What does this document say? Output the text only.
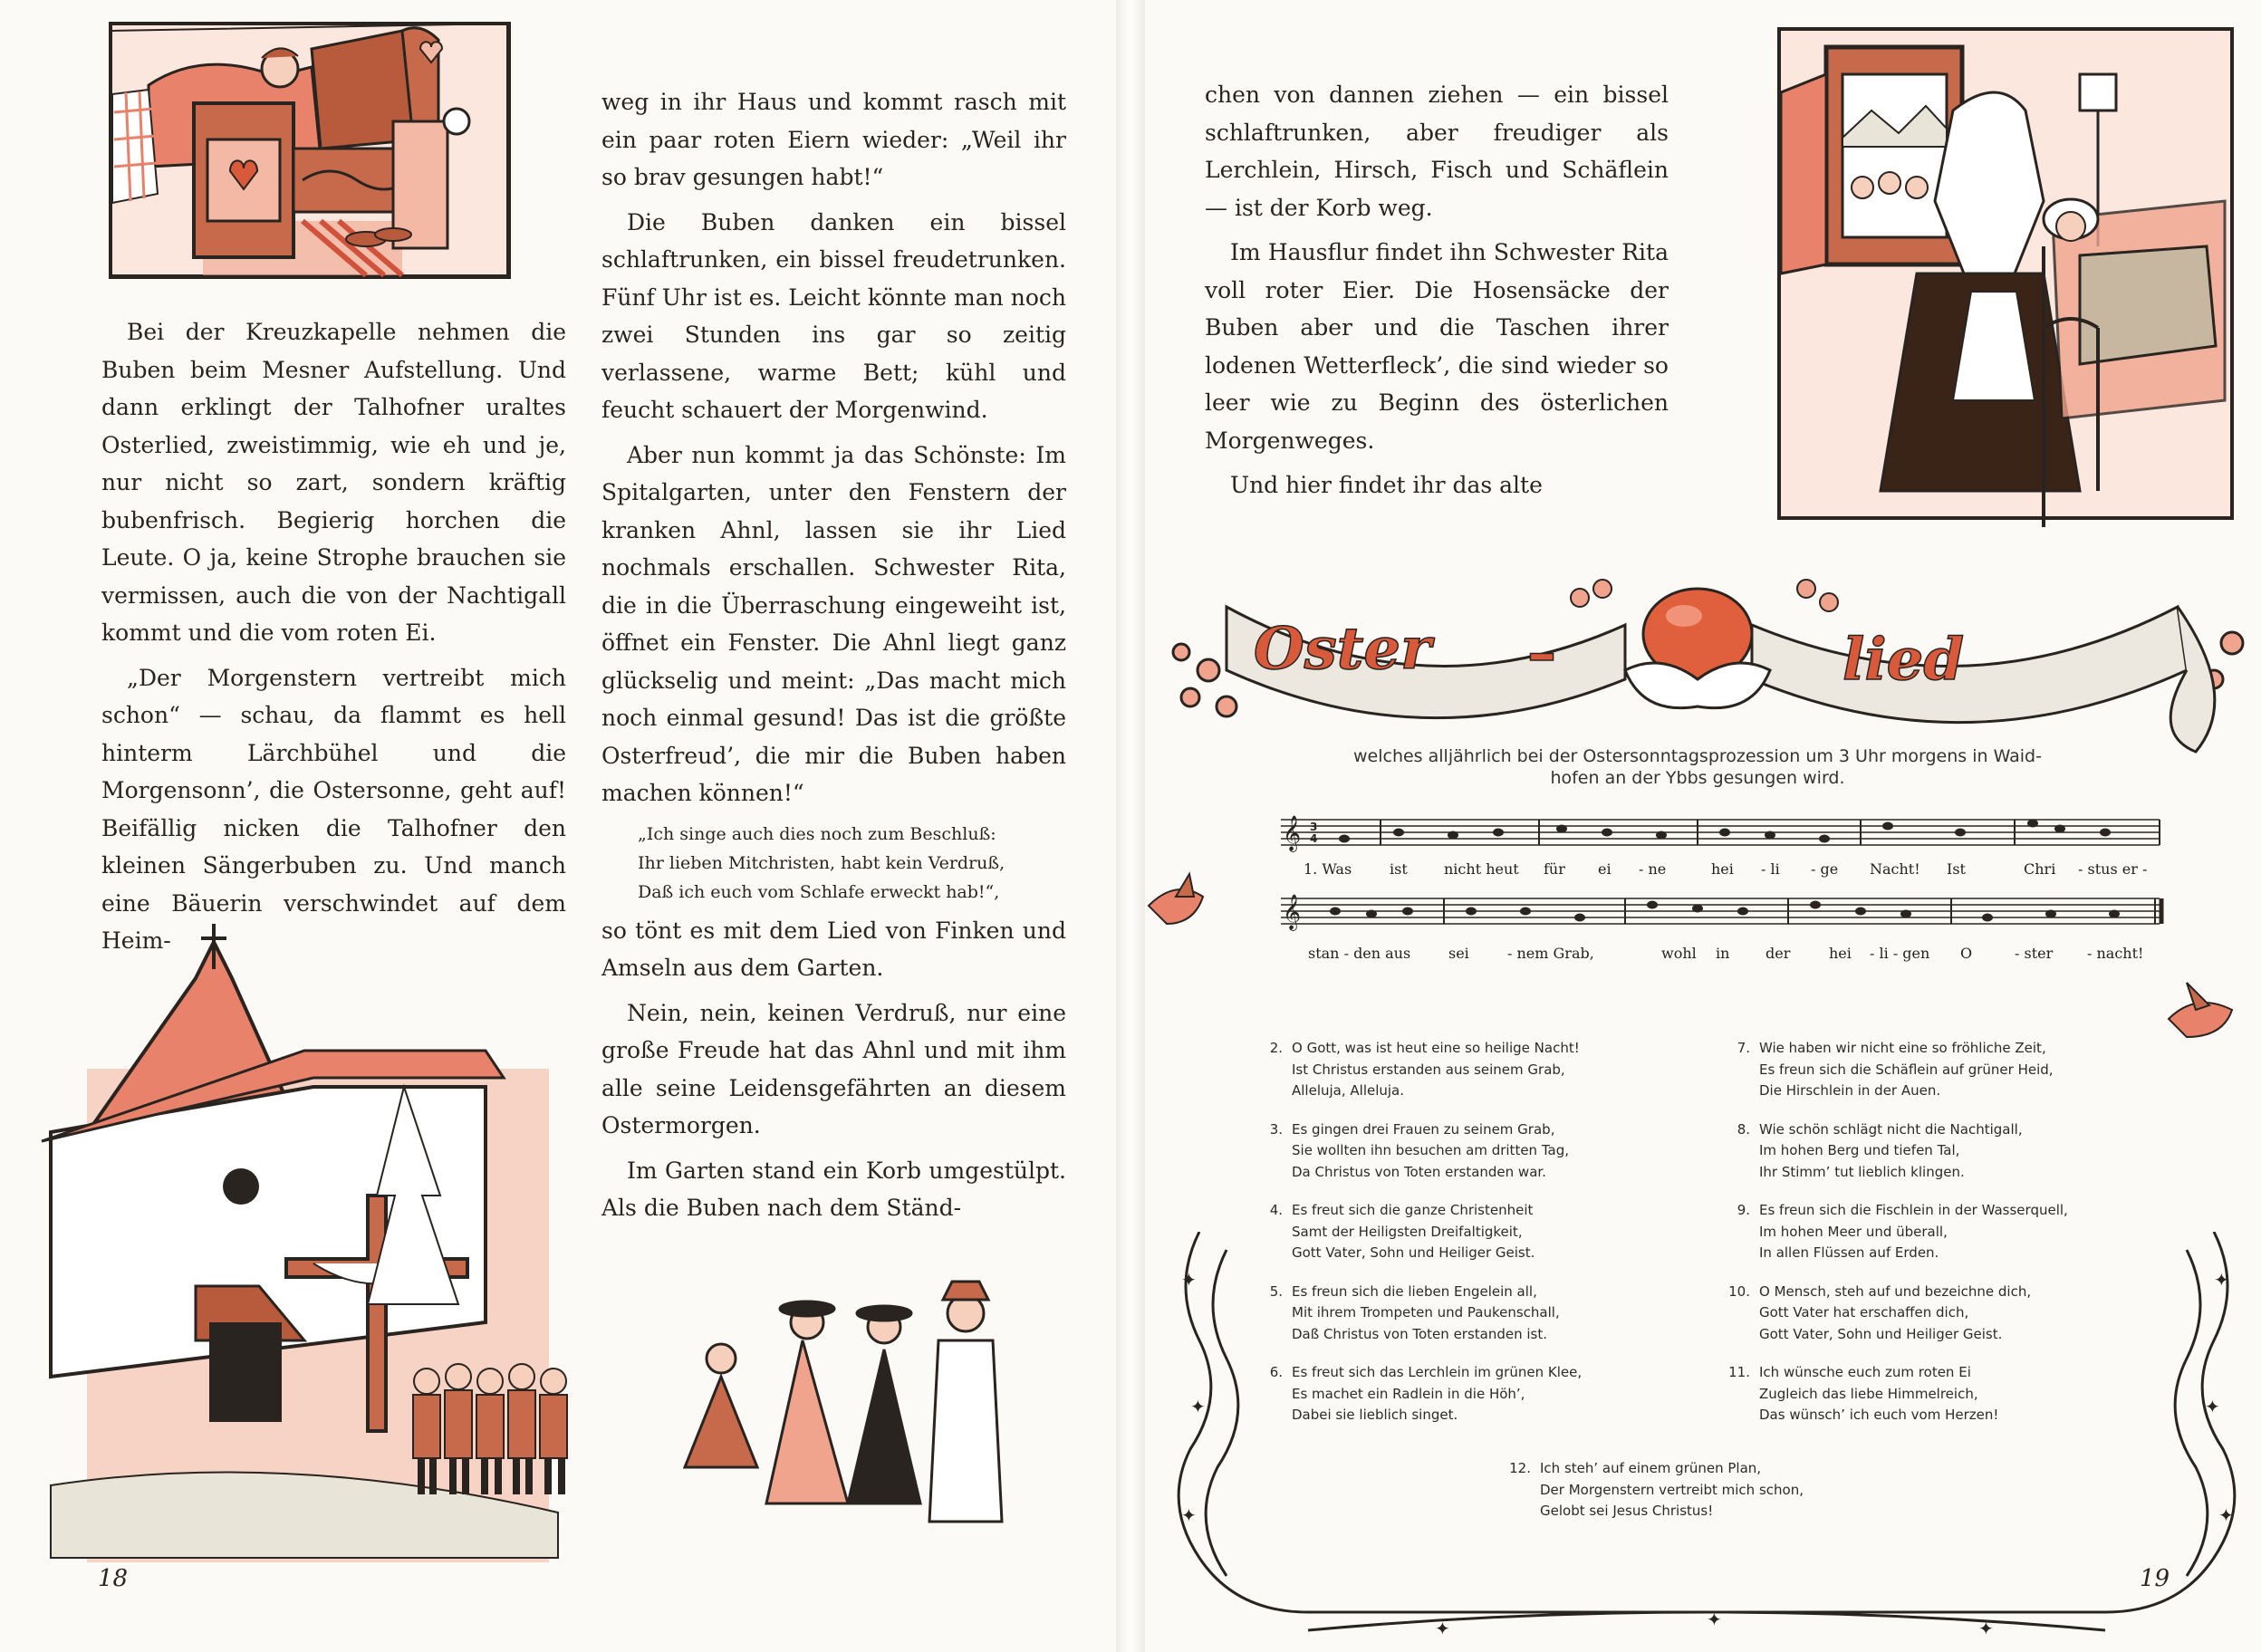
Bei der Kreuzkapelle nehmen die Buben beim Mesner Aufstellung. Und dann erklingt der Talhofner uraltes Osterlied, zweistimmig, wie eh und je, nur nicht so zart, sondern kräftig bubenfrisch. Begierig horchen die Leute. O ja, keine Strophe brauchen sie vermissen, auch die von der Nachtigall kommt und die vom roten Ei.

„Der Morgenstern vertreibt mich schon“ — schau, da flammt es hell hinterm Lärchbühel und die Morgensonn’, die Ostersonne, geht auf! Beifällig nicken die Talhofner den kleinen Sängerbuben zu. Und manch eine Bäuerin verschwindet auf dem Heim-

weg in ihr Haus und kommt rasch mit ein paar roten Eiern wieder: „Weil ihr so brav gesungen habt!“

Die Buben danken ein bissel schlaftrunken, ein bissel freudetrunken. Fünf Uhr ist es. Leicht könnte man noch zwei Stunden ins gar so zeitig verlassene, warme Bett; kühl und feucht schauert der Morgenwind.

Aber nun kommt ja das Schönste: Im Spitalgarten, unter den Fenstern der kranken Ahnl, lassen sie ihr Lied nochmals erschallen. Schwester Rita, die in die Überraschung eingeweiht ist, öffnet ein Fenster. Die Ahnl liegt ganz glückselig und meint: „Das macht mich noch einmal gesund! Das ist die größte Osterfreud’, die mir die Buben haben machen können!“

„Ich singe auch dies noch zum Beschluß:
Ihr lieben Mitchristen, habt kein Verdruß,
Daß ich euch vom Schlafe erweckt hab!“,

so tönt es mit dem Lied von Finken und Amseln aus dem Garten.

Nein, nein, keinen Verdruß, nur eine große Freude hat das Ahnl und mit ihm alle seine Leidensgefährten an diesem Ostermorgen.

Im Garten stand ein Korb umgestülpt. Als die Buben nach dem Ständ-

18

chen von dannen ziehen — ein bissel schlaftrunken, aber freudiger als Lerchlein, Hirsch, Fisch und Schäflein — ist der Korb weg.

Im Hausflur findet ihn Schwester Rita voll roter Eier. Die Hosensäcke der Buben aber und die Taschen ihrer lodenen Wetterfleck’, die sind wieder so leer wie zu Beginn des österlichen Morgenweges.

Und hier findet ihr das alte

Oster –	lied
welches alljährlich bei der Ostersonntagsprozession um 3 Uhr morgens in Waid-
hofen an der Ybbs gesungen wird.
𝄞
𝄞
3
4
1. Was	ist	nicht heut für ei - ne	hei - li - ge Nacht! Ist	Chri - stus er -
stan - den aus	sei	- nem Grab,	wohl in der	hei - li - gen O	- ster - nacht!
✦
✦
✦
✦
✦
✦
✦	✦	✦
2. O Gott, was ist heut eine so heilige Nacht!
Ist Christus erstanden aus seinem Grab,
Alleluja, Alleluja.
3. Es gingen drei Frauen zu seinem Grab,
Sie wollten ihn besuchen am dritten Tag,
Da Christus von Toten erstanden war.
4. Es freut sich die ganze Christenheit
Samt der Heiligsten Dreifaltigkeit,
Gott Vater, Sohn und Heiliger Geist.
5. Es freun sich die lieben Engelein all,
Mit ihrem Trompeten und Paukenschall,
Daß Christus von Toten erstanden ist.
6. Es freut sich das Lerchlein im grünen Klee,
Es machet ein Radlein in die Höh’,
Dabei sie lieblich singet.
7. Wie haben wir nicht eine so fröhliche Zeit,
Es freun sich die Schäflein auf grüner Heid,
Die Hirschlein in der Auen.
8. Wie schön schlägt nicht die Nachtigall,
Im hohen Berg und tiefen Tal,
Ihr Stimm’ tut lieblich klingen.
9. Es freun sich die Fischlein in der Wasserquell,
Im hohen Meer und überall,
In allen Flüssen auf Erden.
10. O Mensch, steh auf und bezeichne dich,
Gott Vater hat erschaffen dich,
Gott Vater, Sohn und Heiliger Geist.
11. Ich wünsche euch zum roten Ei
Zugleich das liebe Himmelreich,
Das wünsch’ ich euch vom Herzen!
12. Ich steh’ auf einem grünen Plan,
Der Morgenstern vertreibt mich schon,
Gelobt sei Jesus Christus!
19
